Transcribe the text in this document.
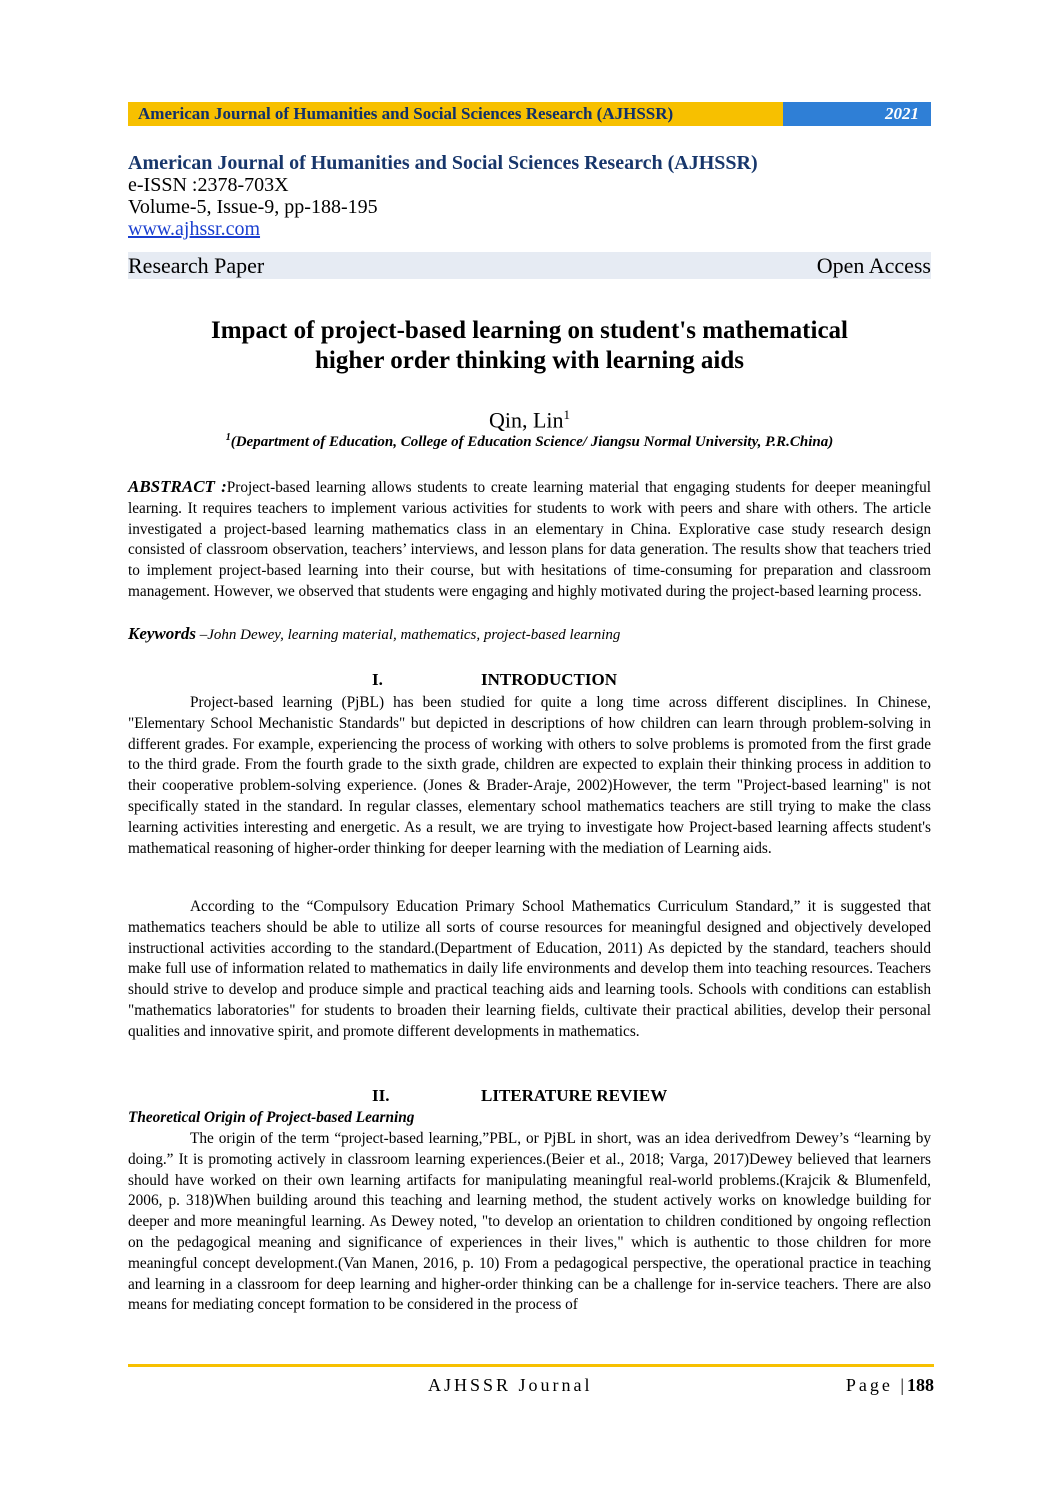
American Journal of Humanities and Social Sciences Research (AJHSSR)	2021
American Journal of Humanities and Social Sciences Research (AJHSSR)
e-ISSN :2378-703X
Volume-5, Issue-9, pp-188-195
www.ajhssr.com
Research Paper	Open Access
Impact of project-based learning on student's mathematical
higher order thinking with learning aids
Qin, Lin$^1$
$^1$(Department of Education, College of Education Science/ Jiangsu Normal University, P.R.China)
ABSTRACT :Project-based learning allows students to create learning material that engaging students for deeper meaningful learning. It requires teachers to implement various activities for students to work with peers and share with others. The article investigated a project-based learning mathematics class in an elementary in China. Explorative case study research design consisted of classroom observation, teachers’ interviews, and lesson plans for data generation. The results show that teachers tried to implement project-based learning into their course, but with hesitations of time-consuming for preparation and classroom management. However, we observed that students were engaging and highly motivated during the project-based learning process.
Keywords –John Dewey, learning material, mathematics, project-based learning
I.	INTRODUCTION
Project-based learning (PjBL) has been studied for quite a long time across different disciplines. In Chinese, "Elementary School Mechanistic Standards" but depicted in descriptions of how children can learn through problem-solving in different grades. For example, experiencing the process of working with others to solve problems is promoted from the first grade to the third grade. From the fourth grade to the sixth grade, children are expected to explain their thinking process in addition to their cooperative problem-solving experience. (Jones & Brader-Araje, 2002)However, the term "Project-based learning" is not specifically stated in the standard. In regular classes, elementary school mathematics teachers are still trying to make the class learning activities interesting and energetic. As a result, we are trying to investigate how Project-based learning affects student's mathematical reasoning of higher-order thinking for deeper learning with the mediation of Learning aids.
According to the “Compulsory Education Primary School Mathematics Curriculum Standard,” it is suggested that mathematics teachers should be able to utilize all sorts of course resources for meaningful designed and objectively developed instructional activities according to the standard.(Department of Education, 2011) As depicted by the standard, teachers should make full use of information related to mathematics in daily life environments and develop them into teaching resources. Teachers should strive to develop and produce simple and practical teaching aids and learning tools. Schools with conditions can establish "mathematics laboratories" for students to broaden their learning fields, cultivate their practical abilities, develop their personal qualities and innovative spirit, and promote different developments in mathematics.
II.	LITERATURE REVIEW
Theoretical Origin of Project-based Learning
The origin of the term “project-based learning,”PBL, or PjBL in short, was an idea derivedfrom Dewey’s “learning by doing.” It is promoting actively in classroom learning experiences.(Beier et al., 2018; Varga, 2017)Dewey believed that learners should have worked on their own learning artifacts for manipulating meaningful real-world problems.(Krajcik & Blumenfeld, 2006, p. 318)When building around this teaching and learning method, the student actively works on knowledge building for deeper and more meaningful learning. As Dewey noted, "to develop an orientation to children conditioned by ongoing reflection on the pedagogical meaning and significance of experiences in their lives," which is authentic to those children for more meaningful concept development.(Van Manen, 2016, p. 10) From a pedagogical perspective, the operational practice in teaching and learning in a classroom for deep learning and higher-order thinking can be a challenge for in-service teachers. There are also means for mediating concept formation to be considered in the process of
AJHSSR Journal	Page |188
